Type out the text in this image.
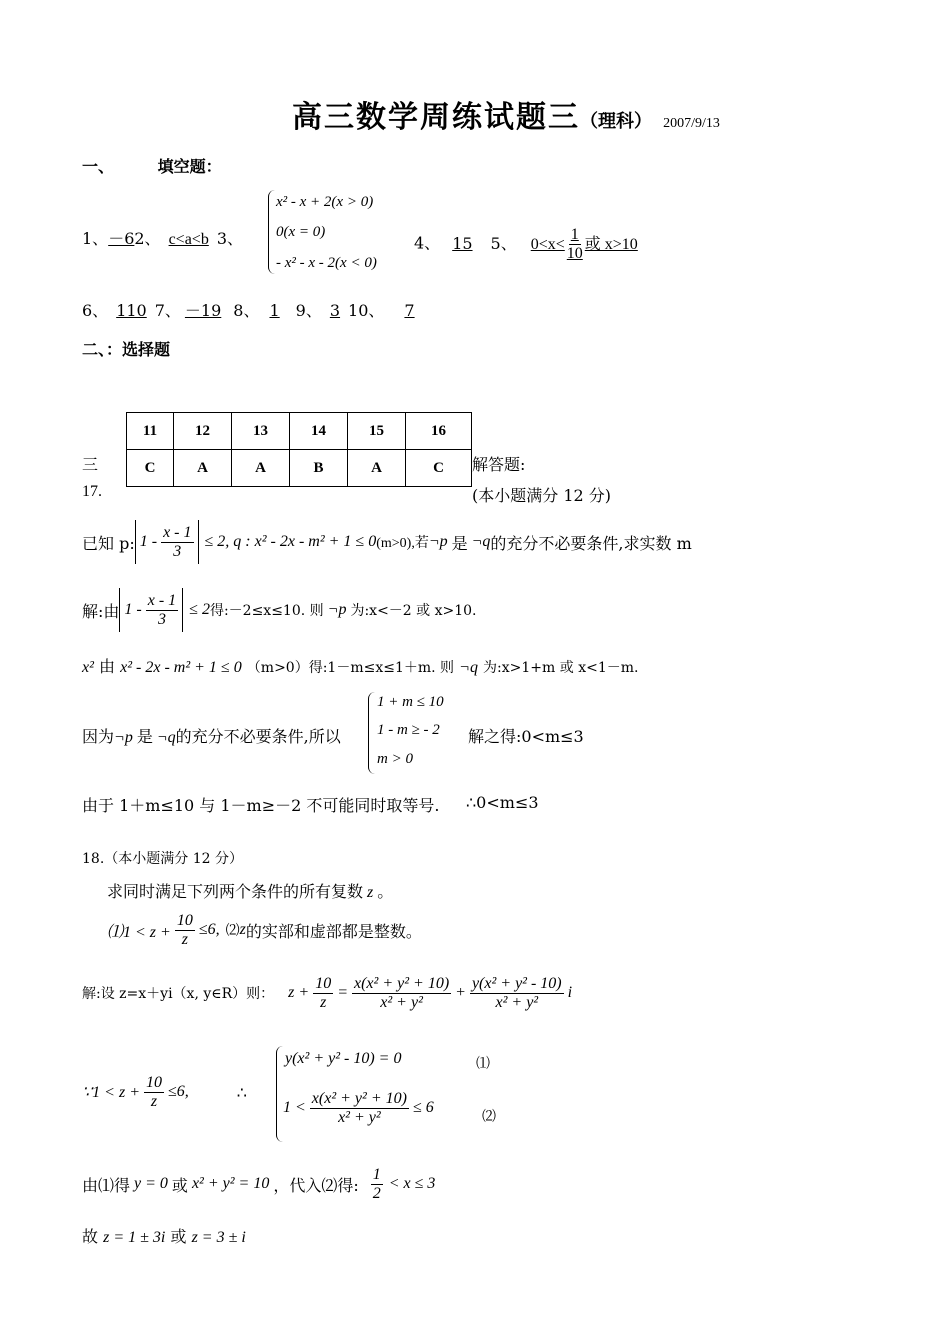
高三数学周练试题三（理科） 2007/9/13
一、	填空题：
1、－62、 c<a<b 3、
x² - x + 2(x > 0)
0(x = 0)
- x² - x - 2(x < 0)
4、 15 5、 $0<x< \frac{1}{10}$ 或 x>10
6、 110 7、 －19 8、 1 9、 3 10、 7
二、：选择题
11	12	13	14	15	16
C	A	A	B	A	C
三	解答题:
17.	(本小题满分 12 分)
已知 p: $1 - \frac{x - 1}{3} \le 2$, q : x² - 2x - m² + 1 ≤ 0 (m>0),若 ¬p 是 ¬q 的充分不必要条件,求实数 m
解:由 $1 - \frac{x - 1}{3} \le 2$ 得:－2≤x≤10. 则 ¬p 为:x<－2 或 x>10.
x² 由 x² - 2x - m² + 1 ≤ 0 （m>0）得:1－m≤x≤1＋m. 则 ¬q 为:x>1+m 或 x<1－m.
因为¬p 是 ¬q的充分不必要条件,所以
1 + m ≤ 10
1 - m ≥ - 2
m > 0
解之得:0<m≤3
由于 1＋m≤10 与 1－m≥－2 不可能同时取等号. ∴0<m≤3
18.（本小题满分 12 分）
求同时满足下列两个条件的所有复数 z 。
⑴1 < $z + \frac{10}{z} \le 6$, ⑵ z 的实部和虚部都是整数。
解:设 z=x＋yi（x, y∈R）则： $z + \frac{10}{z} = \frac{\text{x(x² + y² + 10)}}{\text{x² + y²}} + \frac{\text{y(x² + y² - 10)}}{\text{x² + y²}}$ i
∵1 < $z + \frac{10}{z} \le 6$,	∴
y(x² + y² - 10) = 0	⑴
$1 < \frac{\text{x(x² + y² + 10)}}{\text{x² + y²}} \le 6$
⑵
由⑴得 y = 0 或 x² + y² = 10 ，代入⑵得: $\frac{1}{2} < x \le 3$
故 z = 1 ± 3i 或 z = 3 ± i
